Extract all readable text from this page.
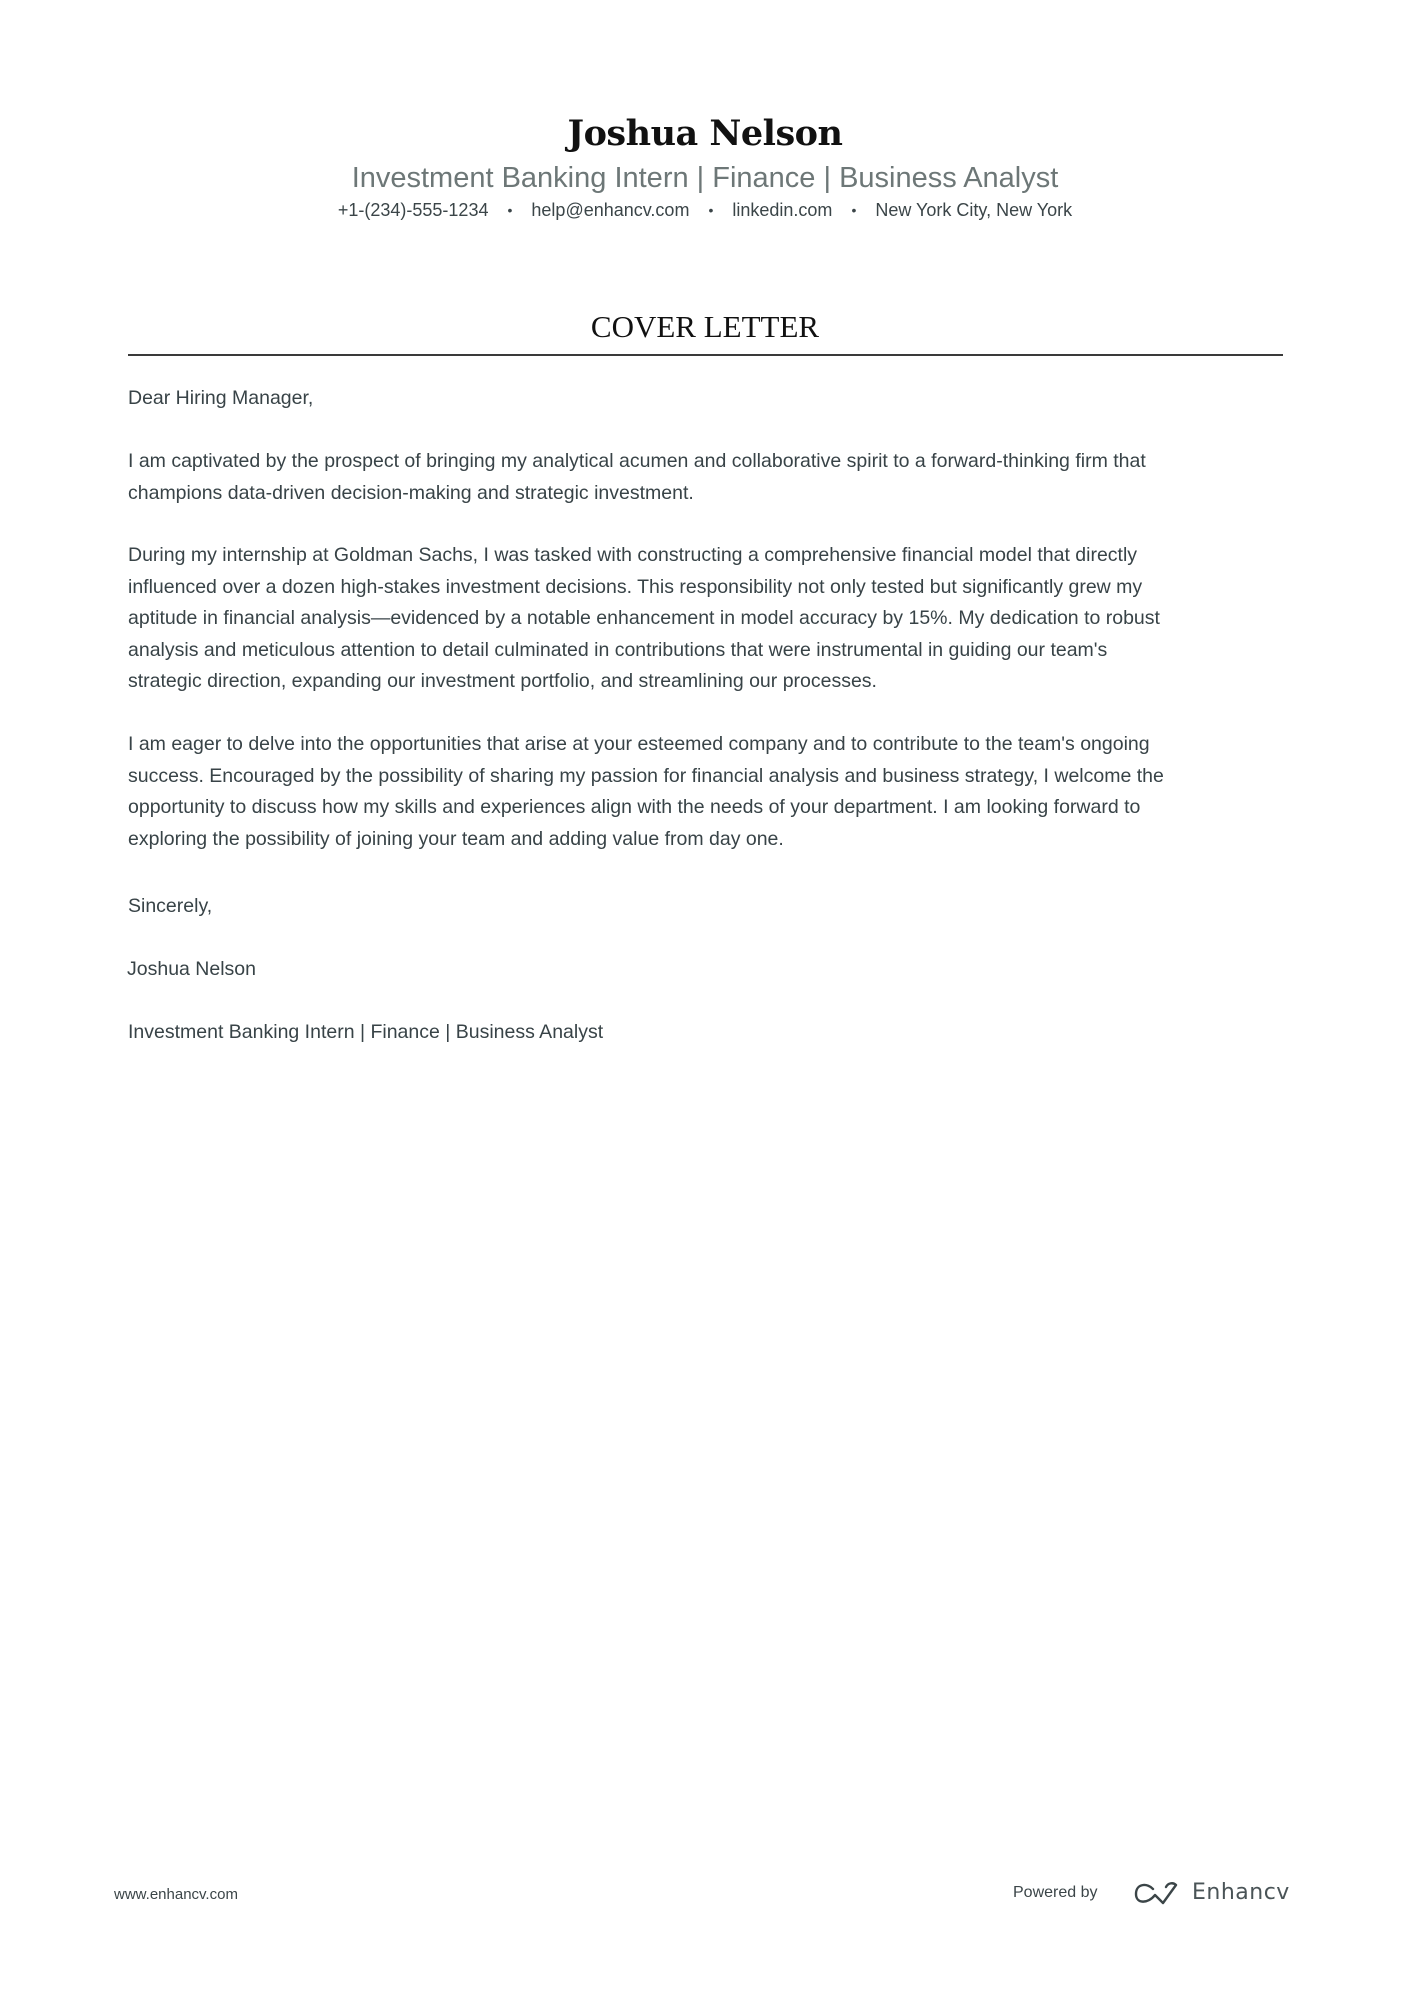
Joshua Nelson
Investment Banking Intern | Finance | Business Analyst
+1-(234)-555-1234 • help@enhancv.com • linkedin.com • New York City, New York
COVER LETTER
Dear Hiring Manager,
I am captivated by the prospect of bringing my analytical acumen and collaborative spirit to a forward-thinking firm that
champions data-driven decision-making and strategic investment.
During my internship at Goldman Sachs, I was tasked with constructing a comprehensive financial model that directly
influenced over a dozen high-stakes investment decisions. This responsibility not only tested but significantly grew my
aptitude in financial analysis—evidenced by a notable enhancement in model accuracy by 15%. My dedication to robust
analysis and meticulous attention to detail culminated in contributions that were instrumental in guiding our team's
strategic direction, expanding our investment portfolio, and streamlining our processes.
I am eager to delve into the opportunities that arise at your esteemed company and to contribute to the team's ongoing
success. Encouraged by the possibility of sharing my passion for financial analysis and business strategy, I welcome the
opportunity to discuss how my skills and experiences align with the needs of your department. I am looking forward to
exploring the possibility of joining your team and adding value from day one.
Sincerely,
Joshua Nelson
Investment Banking Intern | Finance | Business Analyst
www.enhancv.com	Powered by	Enhancv
